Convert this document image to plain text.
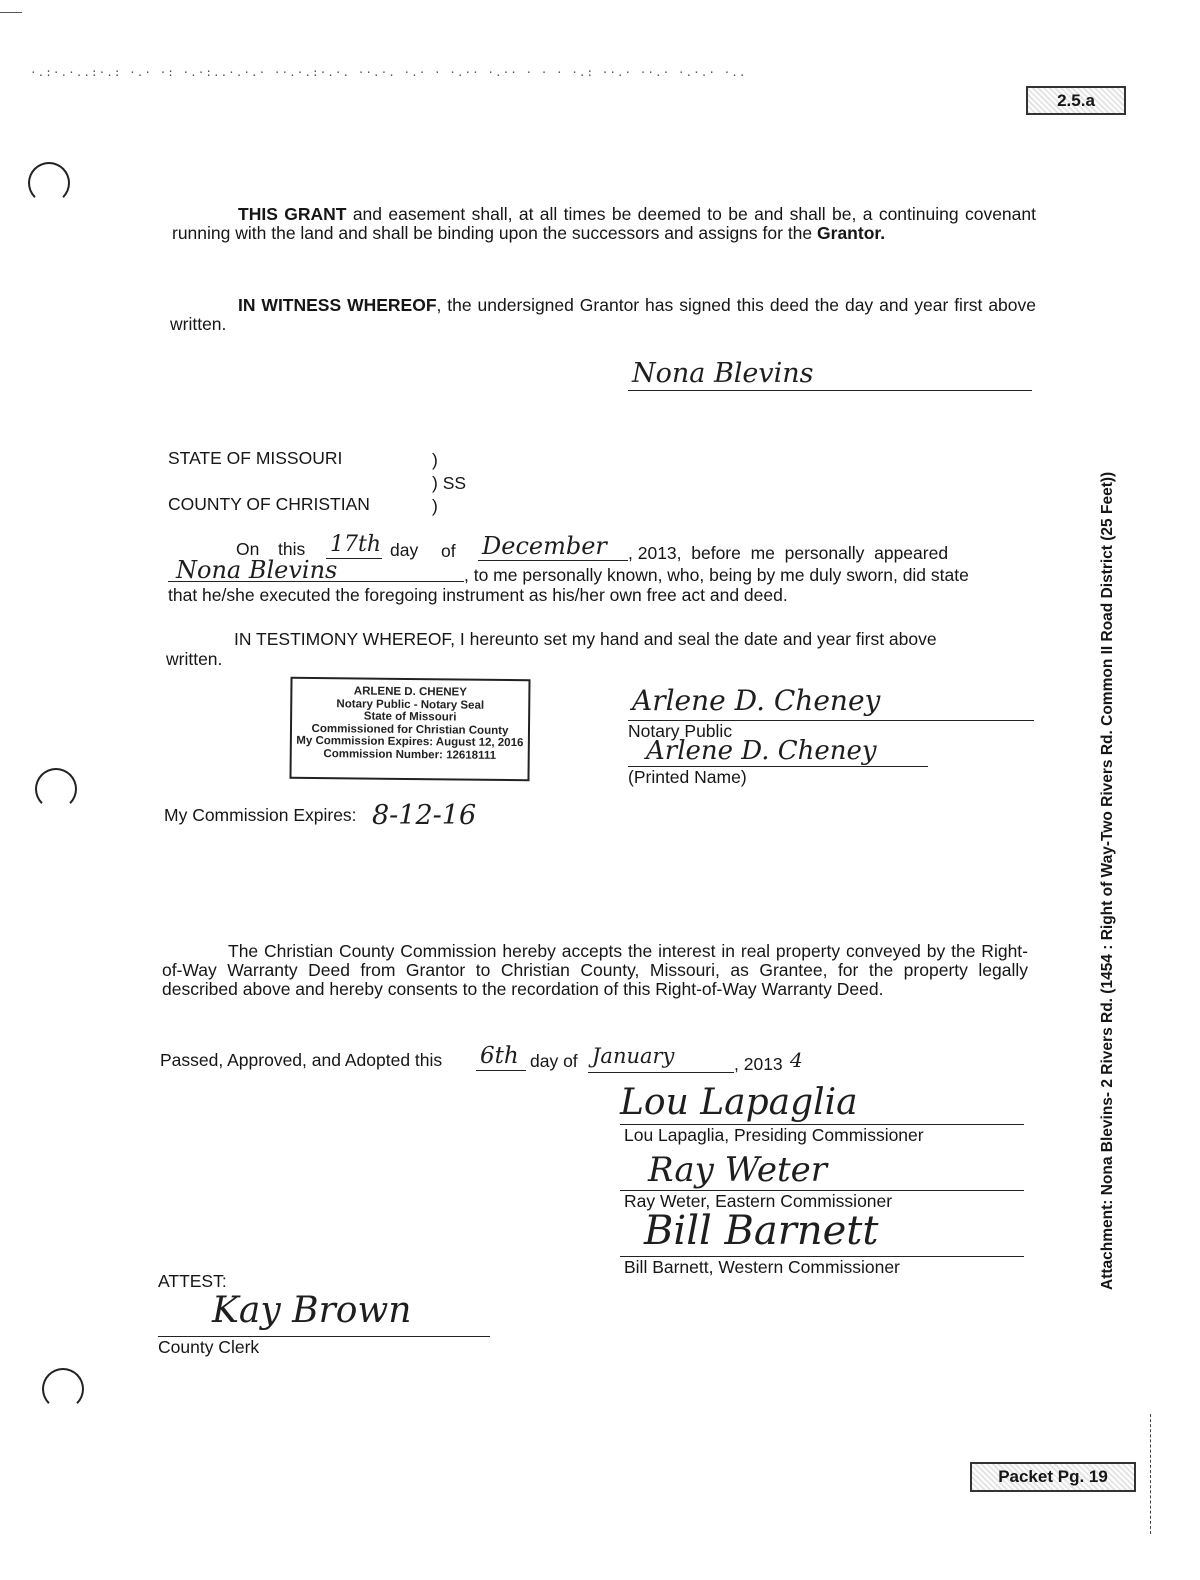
·.:·.·..:·.: ·.· ·: ·.·:..·.·.· ··.·.:·.·. ··.·. ·.· · ·.·· ·.·· · · · ·.: ··.· ··.· ·.·.· ·..
2.5.a
THIS GRANT and easement shall, at all times be deemed to be and shall be, a continuing covenant running with the land and shall be binding upon the successors and assigns for the Grantor.
IN WITNESS WHEREOF, the undersigned Grantor has signed this deed the day and year first above written.
Nona Blevins
STATE OF MISSOURI	)
) SS
COUNTY OF CHRISTIAN	)
On this 17th day of December , 2013,  before  me  personally  appeared
Nona Blevins	, to me personally known, who, being by me duly sworn, did state
that he/she executed the foregoing instrument as his/her own free act and deed.
IN TESTIMONY WHEREOF, I hereunto set my hand and seal the date and year first above
written.
ARLENE D. CHENEY
Notary Public - Notary Seal
State of Missouri
Commissioned for Christian County
My Commission Expires: August 12, 2016
Commission Number: 12618111
Arlene D. Cheney
Notary Public
Arlene D. Cheney
(Printed Name)
My Commission Expires: 8-12-16
The Christian County Commission hereby accepts the interest in real property conveyed by the Right-of-Way Warranty Deed from Grantor to Christian County, Missouri, as Grantee, for the property legally described above and hereby consents to the recordation of this Right-of-Way Warranty Deed.
Passed, Approved, and Adopted this 6th day of January	, 2013 4
Lou Lapaglia
Lou Lapaglia, Presiding Commissioner
Ray Weter
Ray Weter, Eastern Commissioner
Bill Barnett
Bill Barnett, Western Commissioner
ATTEST:
Kay Brown
County Clerk
Attachment: Nona Blevins- 2 Rivers Rd. (1454 : Right of Way-Two Rivers Rd. Common II Road District (25 Feet))
Packet Pg. 19
